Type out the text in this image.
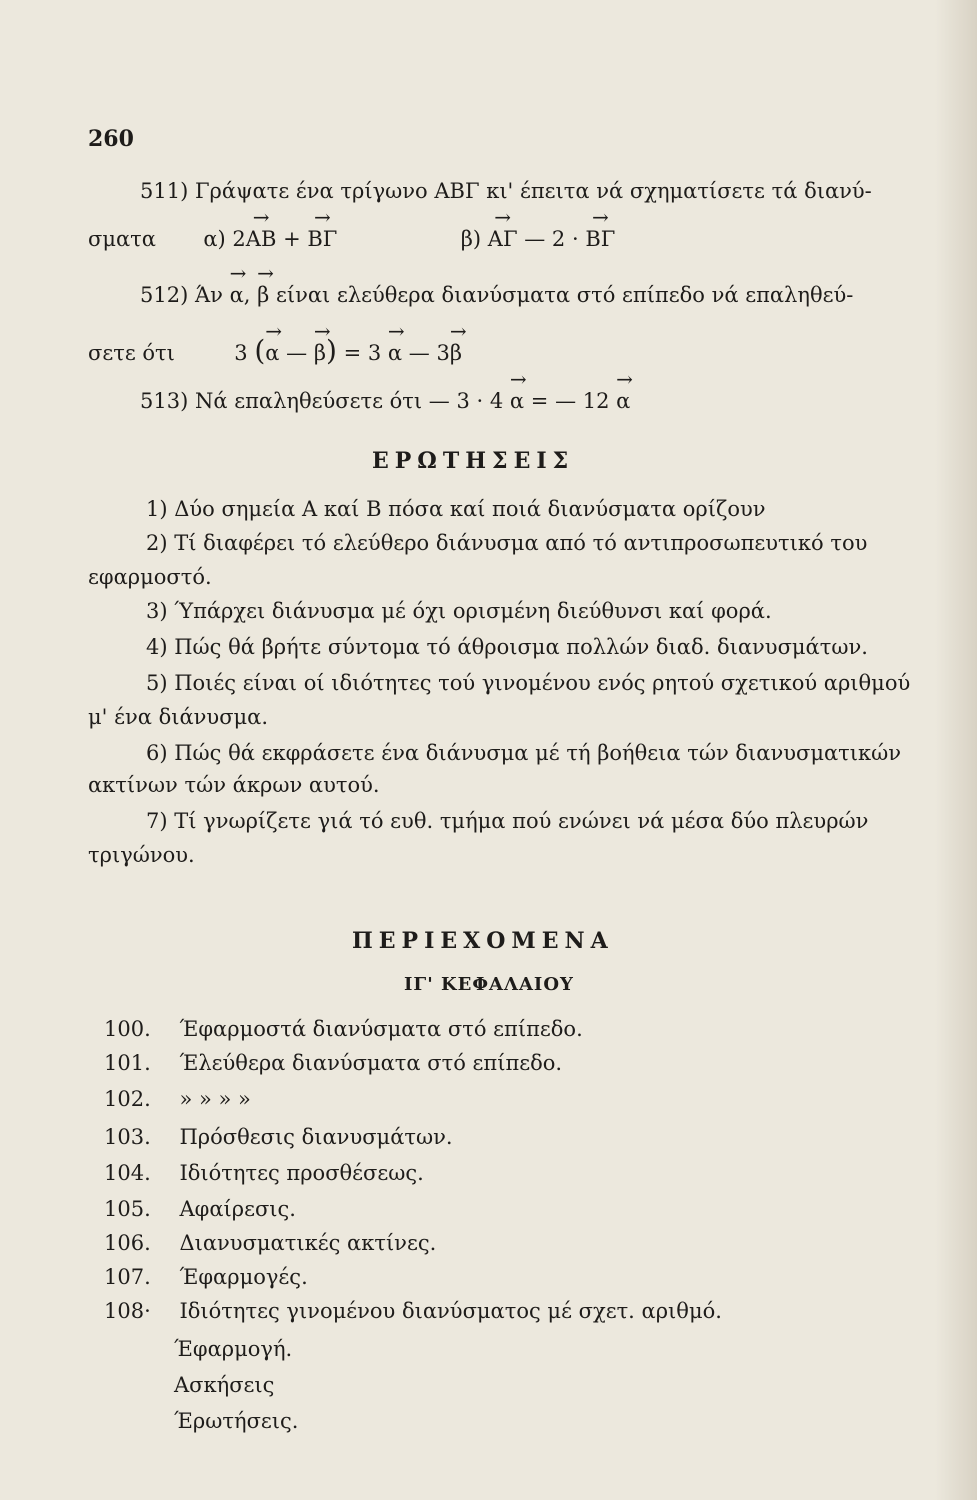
260
511) Γράψατε ένα τρίγωνο ΑΒΓ κι' έπειτα νά σχηματίσετε τά διανύ-
σματα α) 2→ ΑΒ + → ΒΓ	β) → ΑΓ — 2 · → ΒΓ
512) Άν → α, → β είναι ελεύθερα διανύσματα στό επίπεδο νά επαληθεύ-
σετε ότι	3 (→ α — → β) = 3 → α — 3→ β
513) Νά επαληθεύσετε ότι — 3 · 4 → α = — 12 → α
ΕΡΩΤΗΣΕΙΣ
1) Δύο σημεία Α καί Β πόσα καί ποιά διανύσματα ορίζουν
2) Τί διαφέρει τό ελεύθερο διάνυσμα από τό αντιπροσωπευτικό του
εφαρμοστό.
3) Ύπάρχει διάνυσμα μέ όχι ορισμένη διεύθυνσι καί φορά.
4) Πώς θά βρήτε σύντομα τό άθροισμα πολλών διαδ. διανυσμάτων.
5) Ποιές είναι οί ιδιότητες τού γινομένου ενός ρητού σχετικού αριθμού
μ' ένα διάνυσμα.
6) Πώς θά εκφράσετε ένα διάνυσμα μέ τή βοήθεια τών διανυσματικών
ακτίνων τών άκρων αυτού.
7) Τί γνωρίζετε γιά τό ευθ. τμήμα πού ενώνει νά μέσα δύο πλευρών
τριγώνου.
ΠΕΡΙΕΧΟΜΕΝΑ
ΙΓ' ΚΕΦΑΛΑΙΟΥ
100. Έφαρμοστά διανύσματα στό επίπεδο.
101. Έλεύθερα διανύσματα στό επίπεδο.
102. » » » »
103. Πρόσθεσις διανυσμάτων.
104. Ιδιότητες προσθέσεως.
105. Αφαίρεσις.
106. Διανυσματικές ακτίνες.
107. Έφαρμογές.
108· Ιδιότητες γινομένου διανύσματος μέ σχετ. αριθμό.
Έφαρμογή.
Ασκήσεις
Έρωτήσεις.
